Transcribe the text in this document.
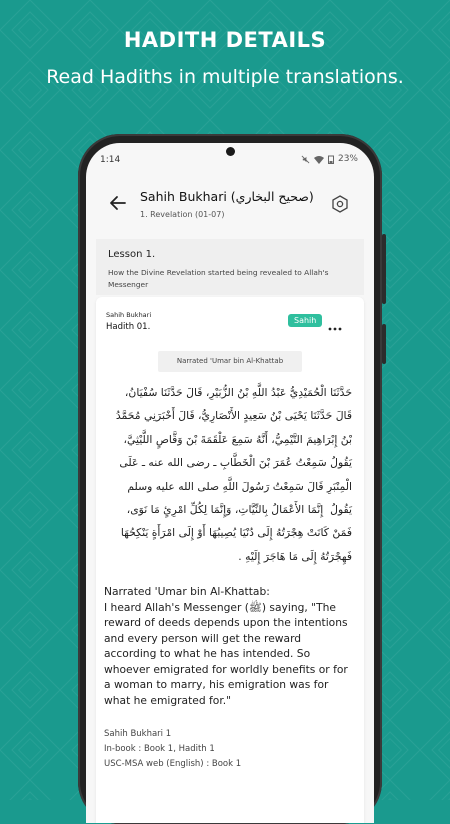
HADITH DETAILS
Read Hadiths in multiple translations.
1:14	23%
Sahih Bukhari (صحيح البخاري)
1. Revelation (01-07)
Lesson 1.
How the Divine Revelation started being revealed to Allah's Messenger
Sahih Bukhari
Hadith 01.
Sahih
Narrated 'Umar bin Al-Khattab
حَدَّثَنَا الْحُمَيْدِيُّ عَبْدُ اللَّهِ بْنُ الزُّبَيْرِ، قَالَ حَدَّثَنَا سُفْيَانُ، قَالَ حَدَّثَنَا يَحْيَى بْنُ سَعِيدٍ الأَنْصَارِيُّ، قَالَ أَخْبَرَنِي مُحَمَّدُ بْنُ إِبْرَاهِيمَ التَّيْمِيُّ، أَنَّهُ سَمِعَ عَلْقَمَةَ بْنَ وَقَّاصٍ اللَّيْثِيَّ، يَقُولُ سَمِعْتُ عُمَرَ بْنَ الْخَطَّابِ ـ رضى الله عنه ـ عَلَى الْمِنْبَرِ قَالَ سَمِعْتُ رَسُولَ اللَّهِ صلى الله عليه وسلم يَقُولُ ‏ إِنَّمَا الأَعْمَالُ بِالنِّيَّاتِ، وَإِنَّمَا لِكُلِّ امْرِئٍ مَا نَوَى، فَمَنْ كَانَتْ هِجْرَتُهُ إِلَى دُنْيَا يُصِيبُهَا أَوْ إِلَى امْرَأَةٍ يَنْكِحُهَا فَهِجْرَتُهُ إِلَى مَا هَاجَرَ إِلَيْهِ ‏.
Narrated 'Umar bin Al-Khattab:
I heard Allah's Messenger (ﷺ) saying, "The reward of deeds depends upon the intentions and every person will get the reward according to what he has intended. So whoever emigrated for worldly benefits or for a woman to marry, his emigration was for what he emigrated for."
Sahih Bukhari 1
In-book : Book 1, Hadith 1
USC-MSA web (English) : Book 1
